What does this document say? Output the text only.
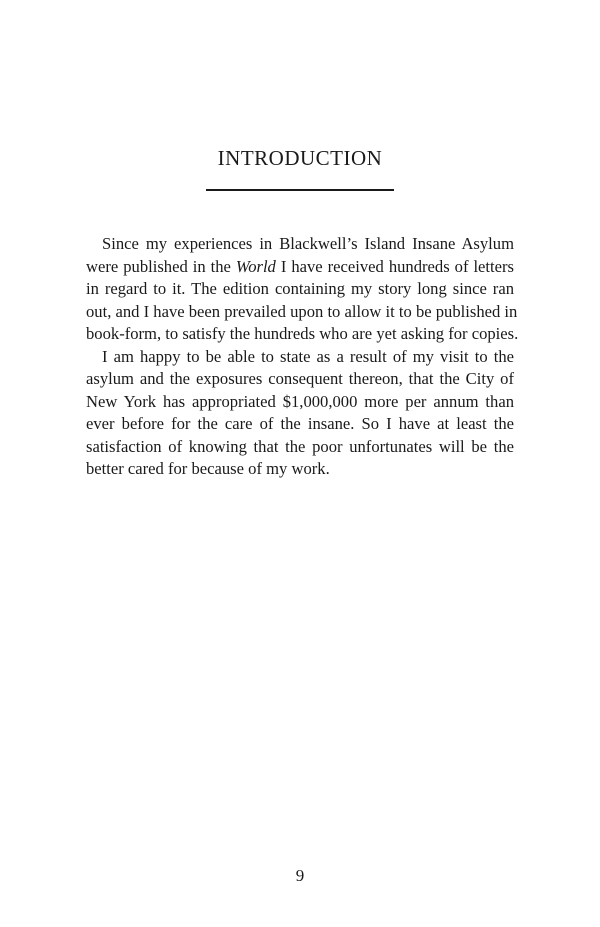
INTRODUCTION

Since my experiences in Blackwell’s Island Insane Asylum
were published in the World I have received hundreds of letters
in regard to it. The edition containing my story long since ran
out, and I have been prevailed upon to allow it to be published in
book-form, to satisfy the hundreds who are yet asking for copies.

I am happy to be able to state as a result of my visit to the
asylum and the exposures consequent thereon, that the City of
New York has appropriated $1,000,000 more per annum than
ever before for the care of the insane. So I have at least the
satisfaction of knowing that the poor unfortunates will be the
better cared for because of my work.

9
